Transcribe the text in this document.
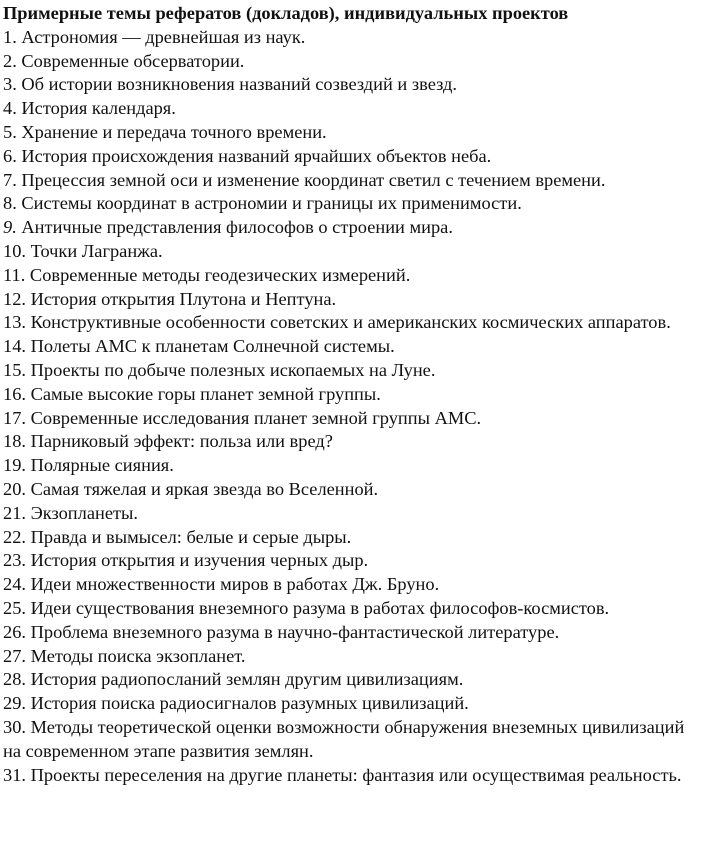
Примерные темы рефератов (докладов), индивидуальных проектов
1. Астрономия — древнейшая из наук.
2. Современные обсерватории.
3. Об истории возникновения названий созвездий и звезд.
4. История календаря.
5. Хранение и передача точного времени.
6. История происхождения названий ярчайших объектов неба.
7. Прецессия земной оси и изменение координат светил с течением времени.
8. Системы координат в астрономии и границы их применимости.
9. Античные представления философов о строении мира.
10. Точки Лагранжа.
11. Современные методы геодезических измерений.
12. История открытия Плутона и Нептуна.
13. Конструктивные особенности советских и американских космических аппаратов.
14. Полеты АМС к планетам Солнечной системы.
15. Проекты по добыче полезных ископаемых на Луне.
16. Самые высокие горы планет земной группы.
17. Современные исследования планет земной группы АМС.
18. Парниковый эффект: польза или вред?
19. Полярные сияния.
20. Самая тяжелая и яркая звезда во Вселенной.
21. Экзопланеты.
22. Правда и вымысел: белые и серые дыры.
23. История открытия и изучения черных дыр.
24. Идеи множественности миров в работах Дж. Бруно.
25. Идеи существования внеземного разума в работах философов-космистов.
26. Проблема внеземного разума в научно-фантастической литературе.
27. Методы поиска экзопланет.
28. История радиопосланий землян другим цивилизациям.
29. История поиска радиосигналов разумных цивилизаций.
30. Методы теоретической оценки возможности обнаружения внеземных цивилизаций на современном этапе развития землян.
31. Проекты переселения на другие планеты: фантазия или осуществимая реальность.
